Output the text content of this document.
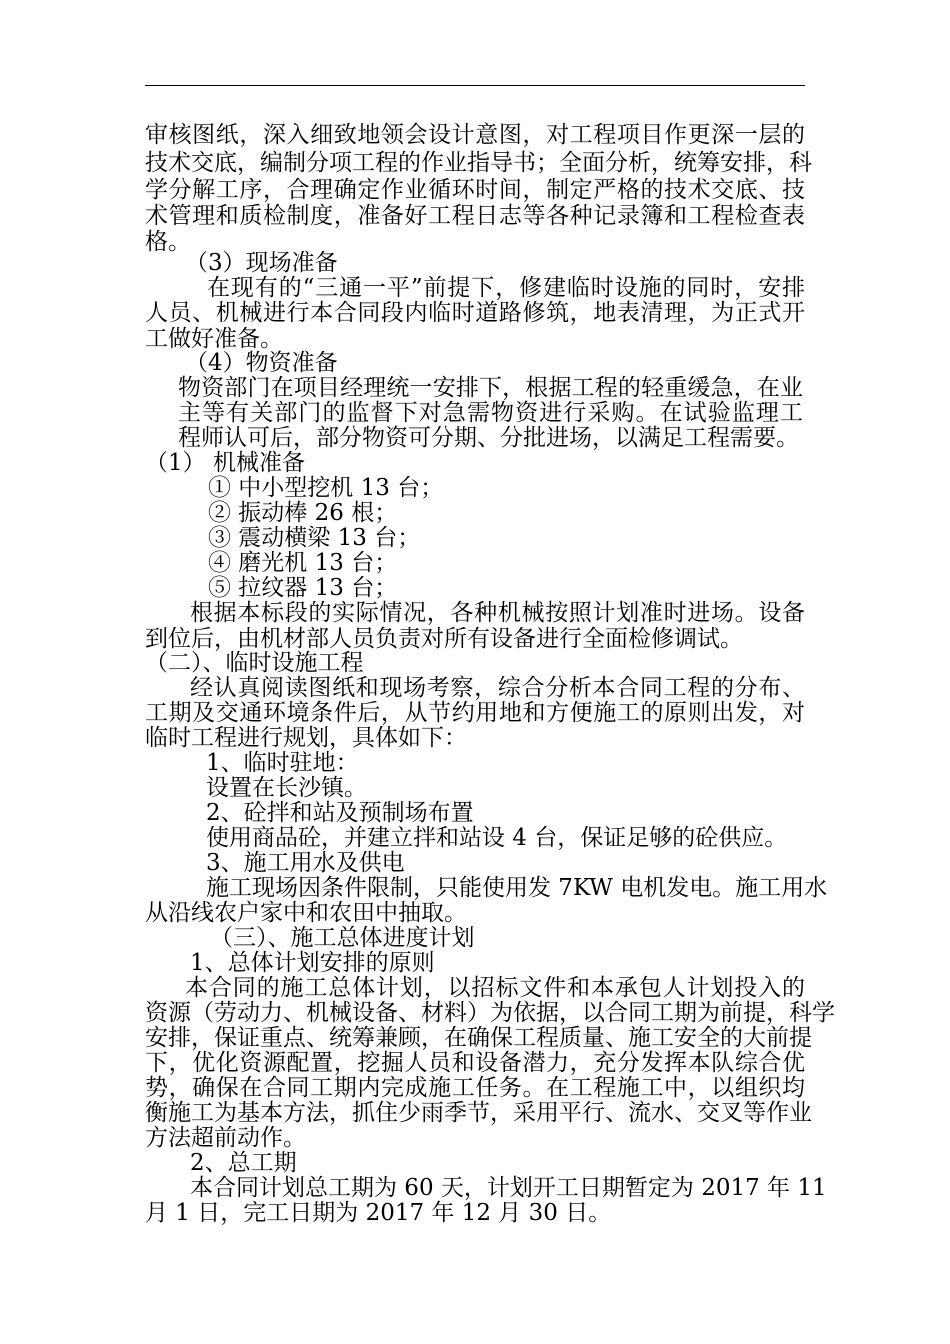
审核图纸，深入细致地领会设计意图，对工程项目作更深一层的
技术交底，编制分项工程的作业指导书；全面分析，统筹安排，科
学分解工序，合理确定作业循环时间，制定严格的技术交底、技
术管理和质检制度，准备好工程日志等各种记录簿和工程检查表
格。
（3）现场准备
在现有的“三通一平”前提下，修建临时设施的同时，安排
人员、机械进行本合同段内临时道路修筑，地表清理，为正式开
工做好准备。
（4）物资准备
物资部门在项目经理统一安排下，根据工程的轻重缓急，在业
主等有关部门的监督下对急需物资进行采购。在试验监理工
程师认可后，部分物资可分期、分批进场，以满足工程需要。
（1） 机械准备
① 中小型挖机 13 台；
② 振动棒 26 根；
③ 震动横梁 13 台；
④ 磨光机 13 台；
⑤ 拉纹器 13 台；
根据本标段的实际情况，各种机械按照计划准时进场。设备
到位后，由机材部人员负责对所有设备进行全面检修调试。
（二）、临时设施工程
经认真阅读图纸和现场考察，综合分析本合同工程的分布、
工期及交通环境条件后，从节约用地和方便施工的原则出发，对
临时工程进行规划，具体如下：
1、临时驻地：
设置在长沙镇。
2、砼拌和站及预制场布置
使用商品砼，并建立拌和站设 4 台，保证足够的砼供应。
3、施工用水及供电
施工现场因条件限制，只能使用发 7KW 电机发电。施工用水
从沿线农户家中和农田中抽取。
（三）、施工总体进度计划
1、总体计划安排的原则
本合同的施工总体计划，以招标文件和本承包人计划投入的
资源（劳动力、机械设备、材料）为依据，以合同工期为前提，科学
安排，保证重点、统筹兼顾，在确保工程质量、施工安全的大前提
下，优化资源配置，挖掘人员和设备潜力，充分发挥本队综合优
势，确保在合同工期内完成施工任务。在工程施工中，以组织均
衡施工为基本方法，抓住少雨季节，采用平行、流水、交叉等作业
方法超前动作。
2、总工期
本合同计划总工期为 60 天，计划开工日期暂定为 2017 年 11
月 1 日，完工日期为 2017 年 12 月 30 日。
